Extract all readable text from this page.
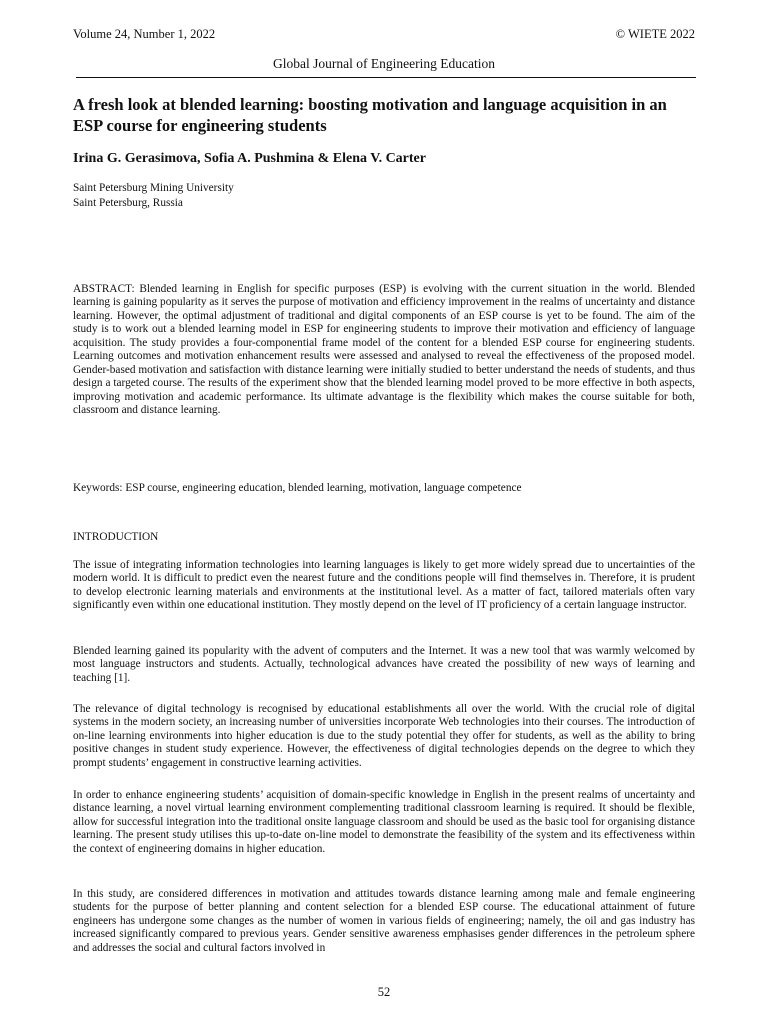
Volume 24, Number 1, 2022	© WIETE 2022
Global Journal of Engineering Education
A fresh look at blended learning: boosting motivation and language acquisition in an ESP course for engineering students
Irina G. Gerasimova, Sofia A. Pushmina & Elena V. Carter
Saint Petersburg Mining University
Saint Petersburg, Russia

ABSTRACT: Blended learning in English for specific purposes (ESP) is evolving with the current situation in the world. Blended learning is gaining popularity as it serves the purpose of motivation and efficiency improvement in the realms of uncertainty and distance learning. However, the optimal adjustment of traditional and digital components of an ESP course is yet to be found. The aim of the study is to work out a blended learning model in ESP for engineering students to improve their motivation and efficiency of language acquisition. The study provides a four-componential frame model of the content for a blended ESP course for engineering students. Learning outcomes and motivation enhancement results were assessed and analysed to reveal the effectiveness of the proposed model. Gender-based motivation and satisfaction with distance learning were initially studied to better understand the needs of students, and thus design a targeted course. The results of the experiment show that the blended learning model proved to be more effective in both aspects, improving motivation and academic performance. Its ultimate advantage is the flexibility which makes the course suitable for both, classroom and distance learning.

Keywords: ESP course, engineering education, blended learning, motivation, language competence

INTRODUCTION

The issue of integrating information technologies into learning languages is likely to get more widely spread due to uncertainties of the modern world. It is difficult to predict even the nearest future and the conditions people will find themselves in. Therefore, it is prudent to develop electronic learning materials and environments at the institutional level. As a matter of fact, tailored materials often vary significantly even within one educational institution. They mostly depend on the level of IT proficiency of a certain language instructor.

Blended learning gained its popularity with the advent of computers and the Internet. It was a new tool that was warmly welcomed by most language instructors and students. Actually, technological advances have created the possibility of new ways of learning and teaching [1].

The relevance of digital technology is recognised by educational establishments all over the world. With the crucial role of digital systems in the modern society, an increasing number of universities incorporate Web technologies into their courses. The introduction of on-line learning environments into higher education is due to the study potential they offer for students, as well as the ability to bring positive changes in student study experience. However, the effectiveness of digital technologies depends on the degree to which they prompt students’ engagement in constructive learning activities.

In order to enhance engineering students’ acquisition of domain-specific knowledge in English in the present realms of uncertainty and distance learning, a novel virtual learning environment complementing traditional classroom learning is required. It should be flexible, allow for successful integration into the traditional onsite language classroom and should be used as the basic tool for organising distance learning. The present study utilises this up-to-date on-line model to demonstrate the feasibility of the system and its effectiveness within the context of engineering domains in higher education.

In this study, are considered differences in motivation and attitudes towards distance learning among male and female engineering students for the purpose of better planning and content selection for a blended ESP course. The educational attainment of future engineers has undergone some changes as the number of women in various fields of engineering; namely, the oil and gas industry has increased significantly compared to previous years. Gender sensitive awareness emphasises gender differences in the petroleum sphere and addresses the social and cultural factors involved in

52
